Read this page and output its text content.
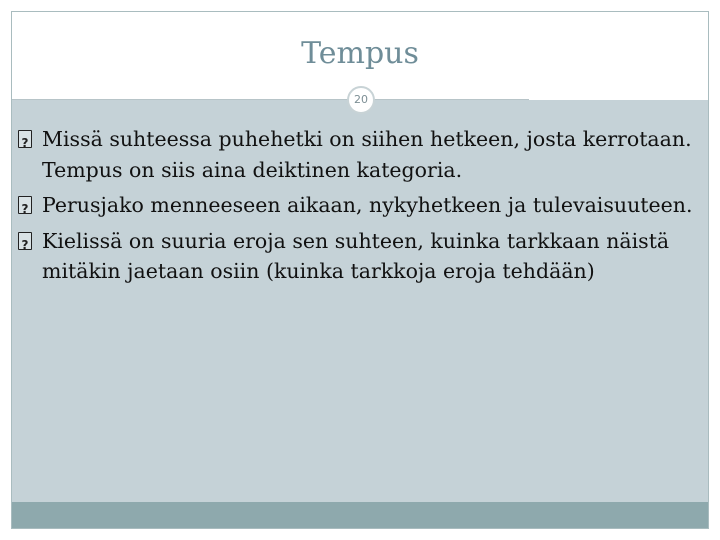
Tempus
20
?
Missä suhteessa puhehetki on siihen hetkeen, josta kerrotaan. Tempus on siis aina deiktinen kategoria.
?
Perusjako menneeseen aikaan, nykyhetkeen ja tulevaisuuteen.
?
Kielissä on suuria eroja sen suhteen, kuinka tarkkaan näistä mitäkin jaetaan osiin (kuinka tarkkoja eroja tehdään)
